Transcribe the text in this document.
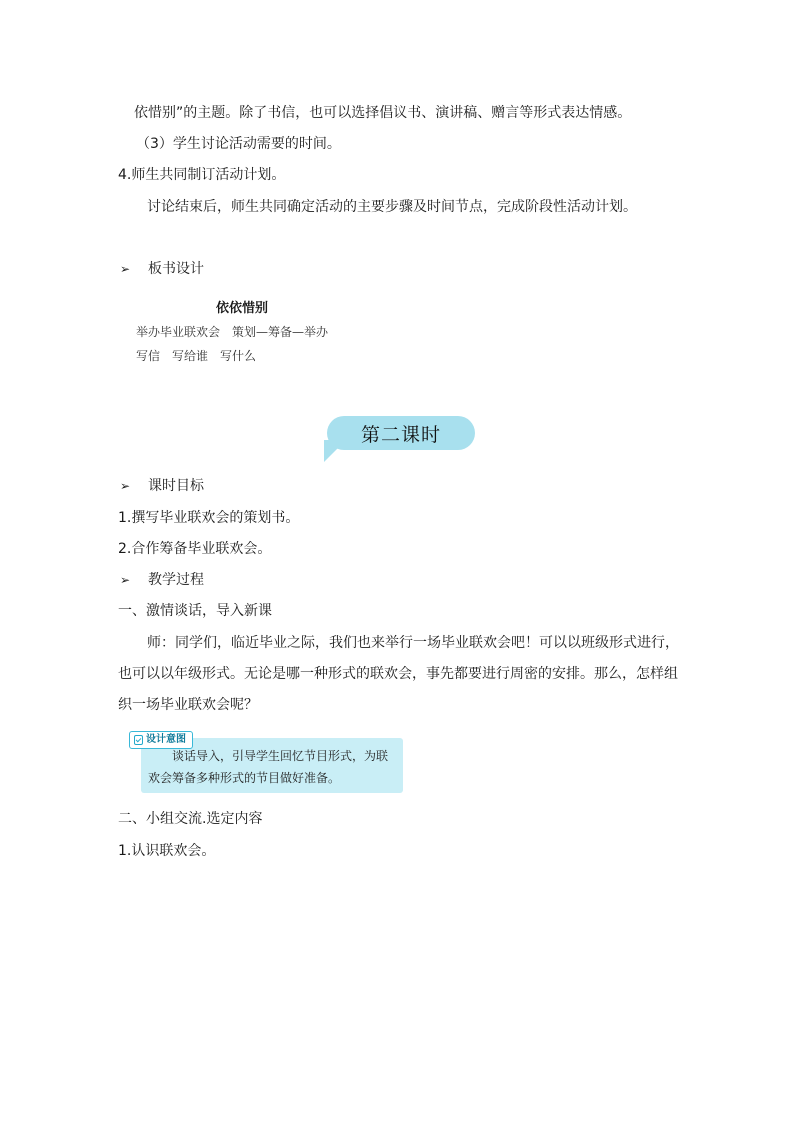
依惜别”的主题。除了书信，也可以选择倡议书、演讲稿、赠言等形式表达情感。

（3）学生讨论活动需要的时间。

4.师生共同制订活动计划。

讨论结束后，师生共同确定活动的主要步骤及时间节点，完成阶段性活动计划。

➢ 板书设计

依依惜别

举办毕业联欢会　策划—筹备—举办

写信　写给谁　写什么

第二课时
➢ 课时目标

1.撰写毕业联欢会的策划书。

2.合作筹备毕业联欢会。

➢ 教学过程

一、激情谈话，导入新课

师：同学们，临近毕业之际，我们也来举行一场毕业联欢会吧！可以以班级形式进行，

也可以以年级形式。无论是哪一种形式的联欢会，事先都要进行周密的安排。那么，怎样组

织一场毕业联欢会呢？

设计意图
谈话导入，引导学生回忆节目形式，为联
欢会筹备多种形式的节目做好准备。

二、小组交流.选定内容

1.认识联欢会。
